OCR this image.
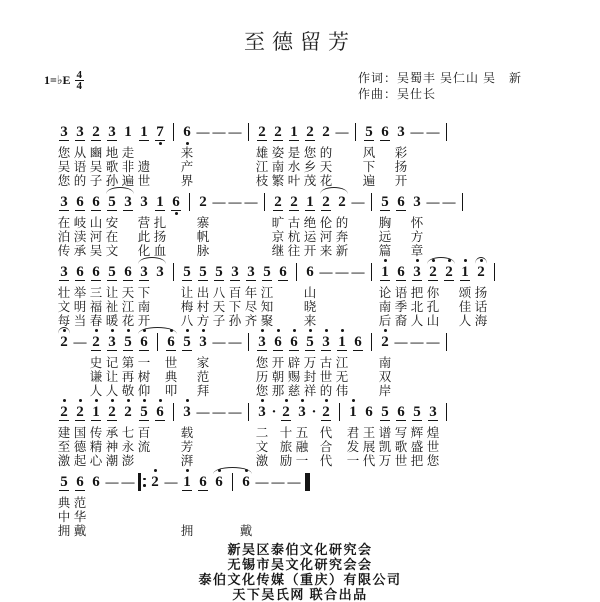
至德留芳
1=♭E $\frac{4}{4}$	作词：吴蜀丰 吴仁山 吴　新
作曲：吴仕长
3
您
吴
您
3
从
语
的
2
豳
吴
子
3
地
歌
孙
1
走
非
遍
1
遗
世
7 6
来
产
界
— — — 2
雄
江
枝
2
姿
南
繁
1
是
水
叶
2
您
乡
茂
2
的
天
花
— 5
风
下
遍
6 3
彩
扬
开
— —
3
在
泊
传
6
岐
渎
承
6
山
河
吴
5
安
在
文
3 3
营
此
化
1
扎
扬
血
6 2
寨
帆
脉
— — — 2
旷
京
继
2
古
杭
往
1
绝
运
开
2
伦
河
来
2
的
奔
新
— 5
胸
远
篇
6 3
怀
方
章
— —
3
壮
文
每
6
举
明
当
6
三
福
春
5
让
祉
暖
6
天
江
花
3
下
南
开
3 5
让
梅
八
5
出
村
方
5
八
天
子
3
百
下
孙
3
年
尽
齐
5
江
知
聚
6 6
山
晓
来
— — — 1
论
南
后
6
语
季
裔
3
把
北
人
2
你
孔
山
2 1
颂
佳
人
2
扬
话
海
2 — 2
史
谦
人
3
记
让
人
5
第
再
敬
6
一
树
仰
6
世
典
叩
5 3
家
范
拜
— — 3
您
历
您
6
开
朝
那
6
辟
赐
慈
5
万
封
祥
3
古
世
的
1
江
无
伟
6 2
南
双
岸
— — —
2
建
至
激
2
国
德
起
1
传
精
心
2
承
神
潮
2
七
永
澎
5
百
流
6 3
载
芳
湃
— — — 3
二
文
激
· 2
十
旅
励
3
五
融
一
· 2
代
合
代
1
君
发
一
6
王
展
代
5
谱
凯
万
6
写
歌
世
5
辉
盛
把
3
煌
世
您
5
典
中
拥
6
范
华
戴
6 — — 2 — 1
拥
6 6 6
戴
— — —
新吴区泰伯文化研究会
无锡市吴文化研究会会
泰伯文化传媒（重庆）有限公司
天下吴氏网 联合出品
